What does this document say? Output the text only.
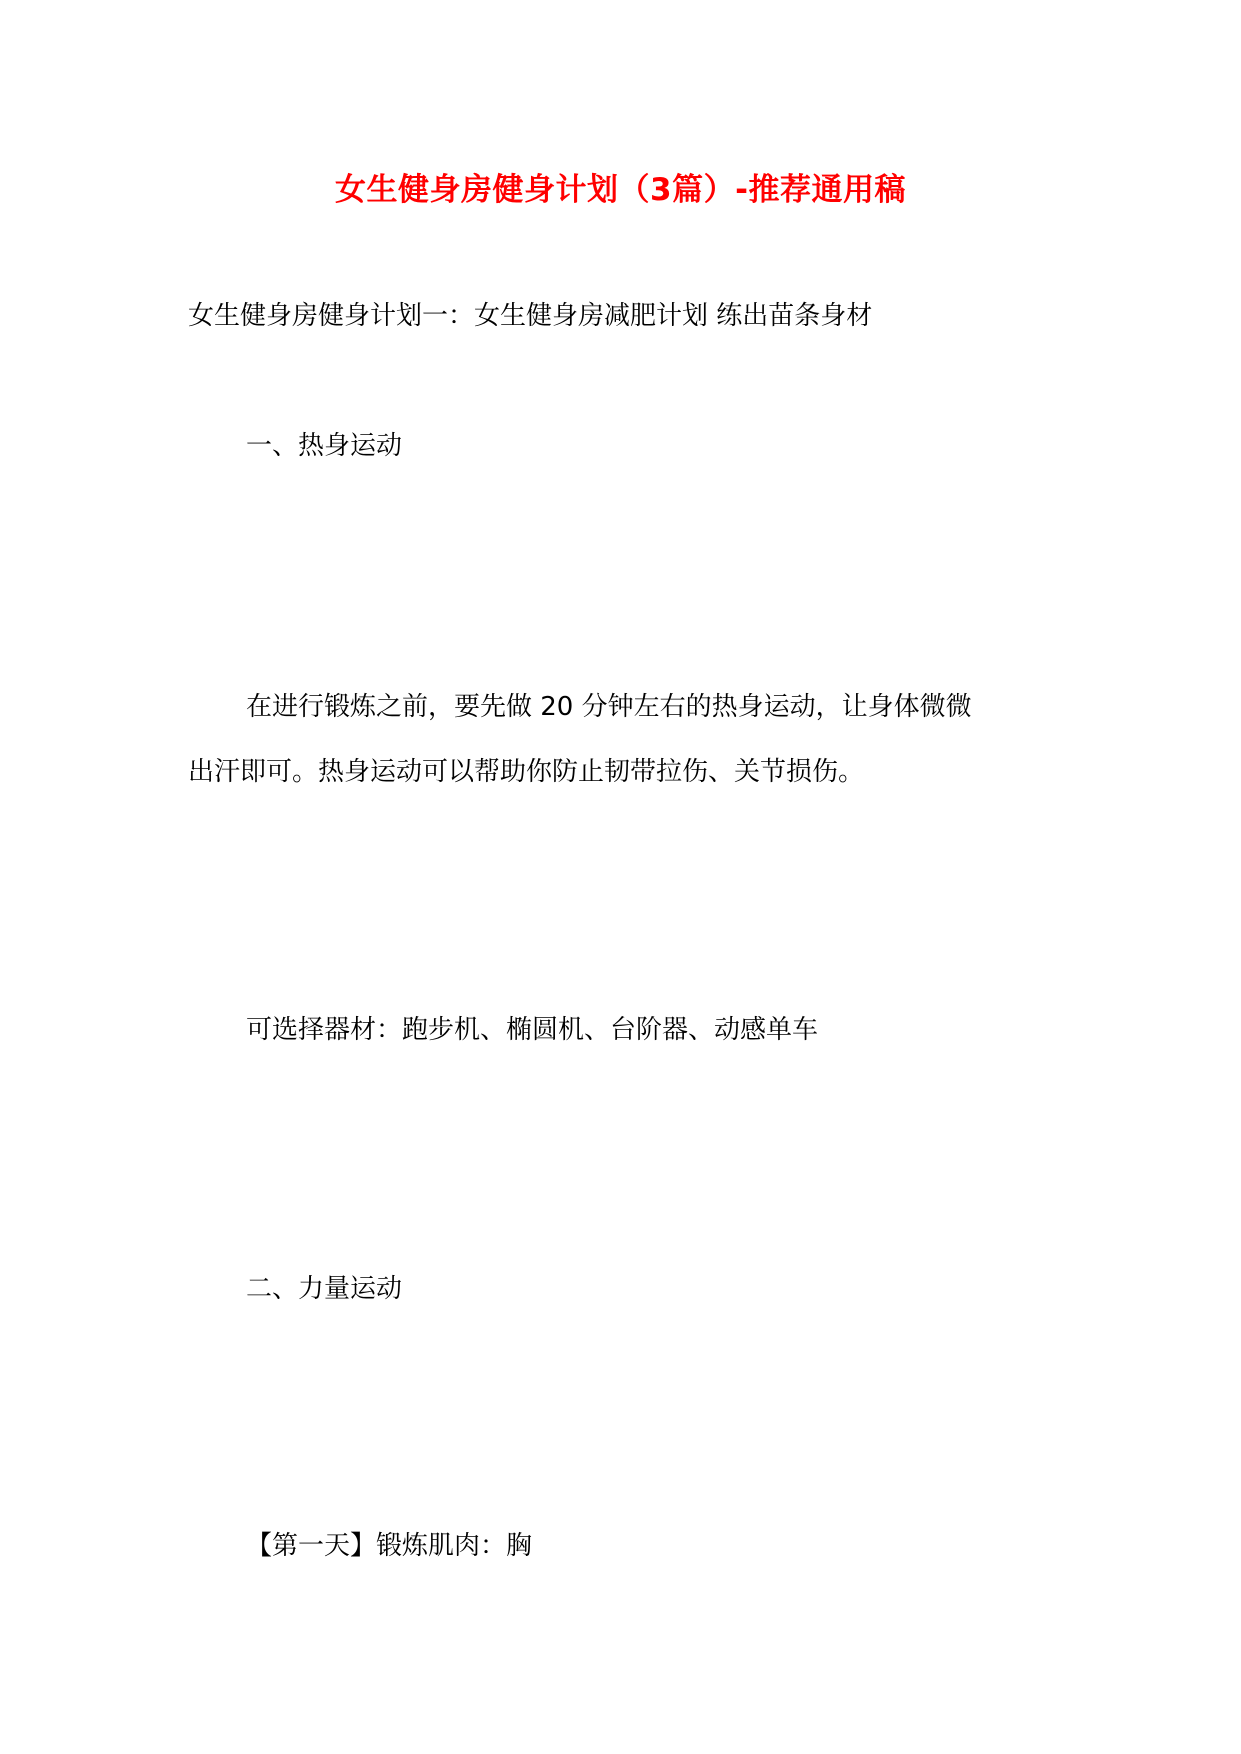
女生健身房健身计划（3篇）-推荐通用稿
女生健身房健身计划一：女生健身房减肥计划 练出苗条身材
一、热身运动
在进行锻炼之前，要先做 20 分钟左右的热身运动，让身体微微
出汗即可。热身运动可以帮助你防止韧带拉伤、关节损伤。
可选择器材：跑步机、椭圆机、台阶器、动感单车
二、力量运动
【第一天】锻炼肌肉：胸
